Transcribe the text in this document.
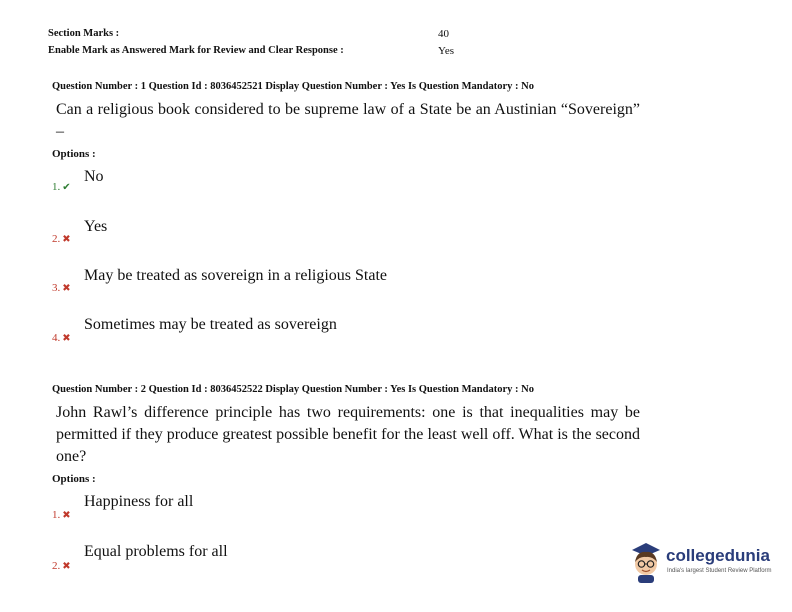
Section Marks :	40
Enable Mark as Answered Mark for Review and Clear Response :	Yes
Question Number : 1 Question Id : 8036452521 Display Question Number : Yes Is Question Mandatory : No
Can a religious book considered to be supreme law of a State be an Austinian “Sovereign” –
Options :
1. ✔
No
2. ✖
Yes
3. ✖
May be treated as sovereign in a religious State
4. ✖
Sometimes may be treated as sovereign
Question Number : 2 Question Id : 8036452522 Display Question Number : Yes Is Question Mandatory : No
John Rawl’s difference principle has two requirements: one is that inequalities may be permitted if they produce greatest possible benefit for the least well off. What is the second one?
Options :
1. ✖
Happiness for all
2. ✖
Equal problems for all	collegedunia
India's largest Student Review Platform
